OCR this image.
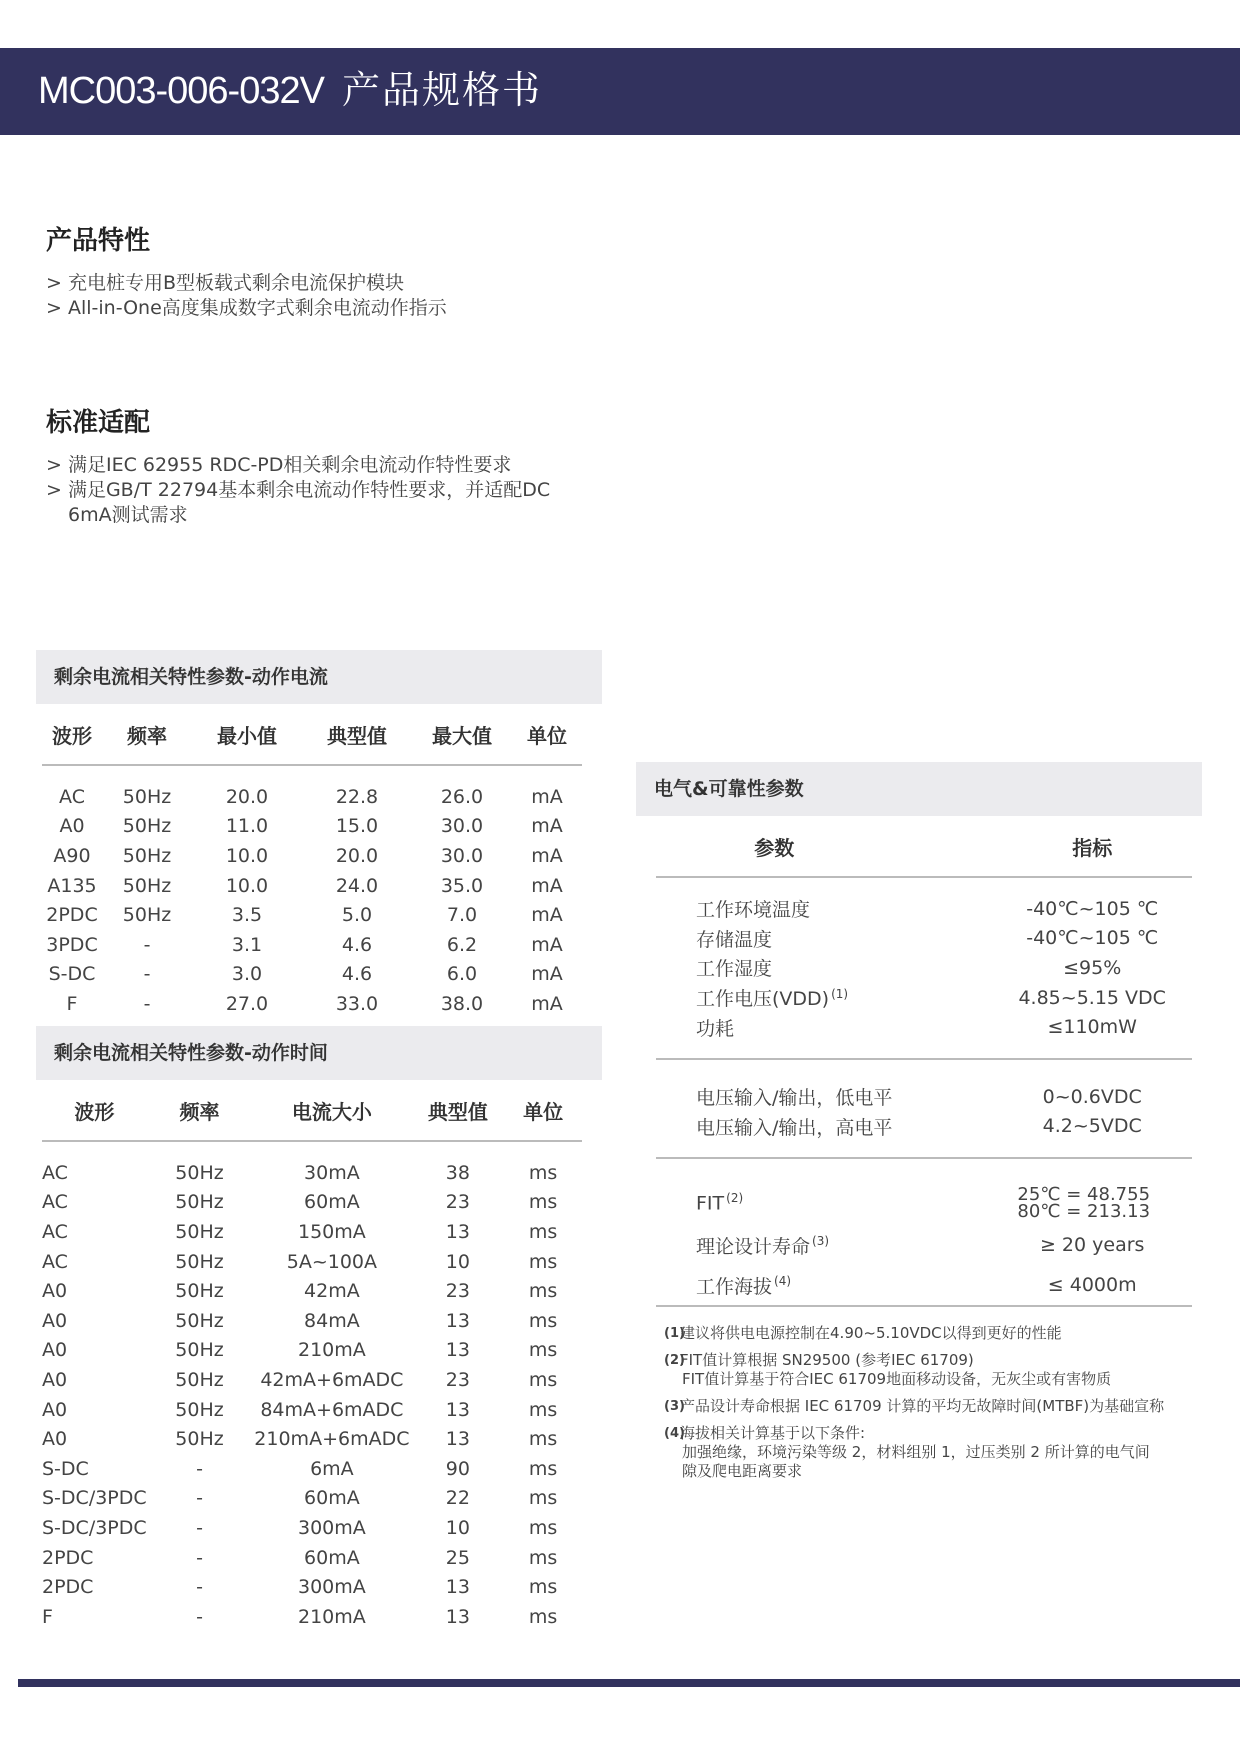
MC003-006-032V 产品规格书
产品特性
> 充电桩专用B型板载式剩余电流保护模块
> All-in-One高度集成数字式剩余电流动作指示
标准适配
> 满足IEC 62955 RDC-PD相关剩余电流动作特性要求
> 满足GB/T 22794基本剩余电流动作特性要求，并适配DC
6mA测试需求
剩余电流相关特性参数-动作电流
波形	频率	最小值	典型值	最大值	单位

AC	50Hz	20.0	22.8	26.0	mA
A0	50Hz	11.0	15.0	30.0	mA
A90	50Hz	10.0	20.0	30.0	mA
A135	50Hz	10.0	24.0	35.0	mA
2PDC	50Hz	3.5	5.0	7.0	mA
3PDC	-	3.1	4.6	6.2	mA
S-DC	-	3.0	4.6	6.0	mA
F	-	27.0	33.0	38.0	mA
剩余电流相关特性参数-动作时间
波形	频率	电流大小	典型值	单位

AC	50Hz	30mA	38	ms
AC	50Hz	60mA	23	ms
AC	50Hz	150mA	13	ms
AC	50Hz	5A~100A	10	ms
A0	50Hz	42mA	23	ms
A0	50Hz	84mA	13	ms
A0	50Hz	210mA	13	ms
A0	50Hz	42mA+6mADC	23	ms
A0	50Hz	84mA+6mADC	13	ms
A0	50Hz	210mA+6mADC	13	ms
S-DC	-	6mA	90	ms
S-DC/3PDC	-	60mA	22	ms
S-DC/3PDC	-	300mA	10	ms
2PDC	-	60mA	25	ms
2PDC	-	300mA	13	ms
F	-	210mA	13	ms
电气&可靠性参数
参数	指标

工作环境温度	-40℃~105 ℃
存储温度	-40℃~105 ℃
工作湿度	≤95%
工作电压(VDD) $^{(1)}$	4.85~5.15 VDC
功耗	≤110mW

电压输入/输出，低电平	0~0.6VDC
电压输入/输出，高电平	4.2~5VDC

FIT $^{(2)}$	25℃ = 48.755
80℃ = 213.13

理论设计寿命 $^{(3)}$	≥ 20 years
工作海拔 $^{(4)}$	≤ 4000m

(1)
建议将供电电源控制在4.90~5.10VDC以得到更好的性能
(2)
FIT值计算根据 SN29500 (参考IEC 61709)
FIT值计算基于符合IEC 61709地面移动设备，无灰尘或有害物质
(3)
产品设计寿命根据 IEC 61709 计算的平均无故障时间(MTBF)为基础宣称
(4)
海拔相关计算基于以下条件:
加强绝缘，环境污染等级 2，材料组别 1，过压类别 2 所计算的电气间
隙及爬电距离要求
